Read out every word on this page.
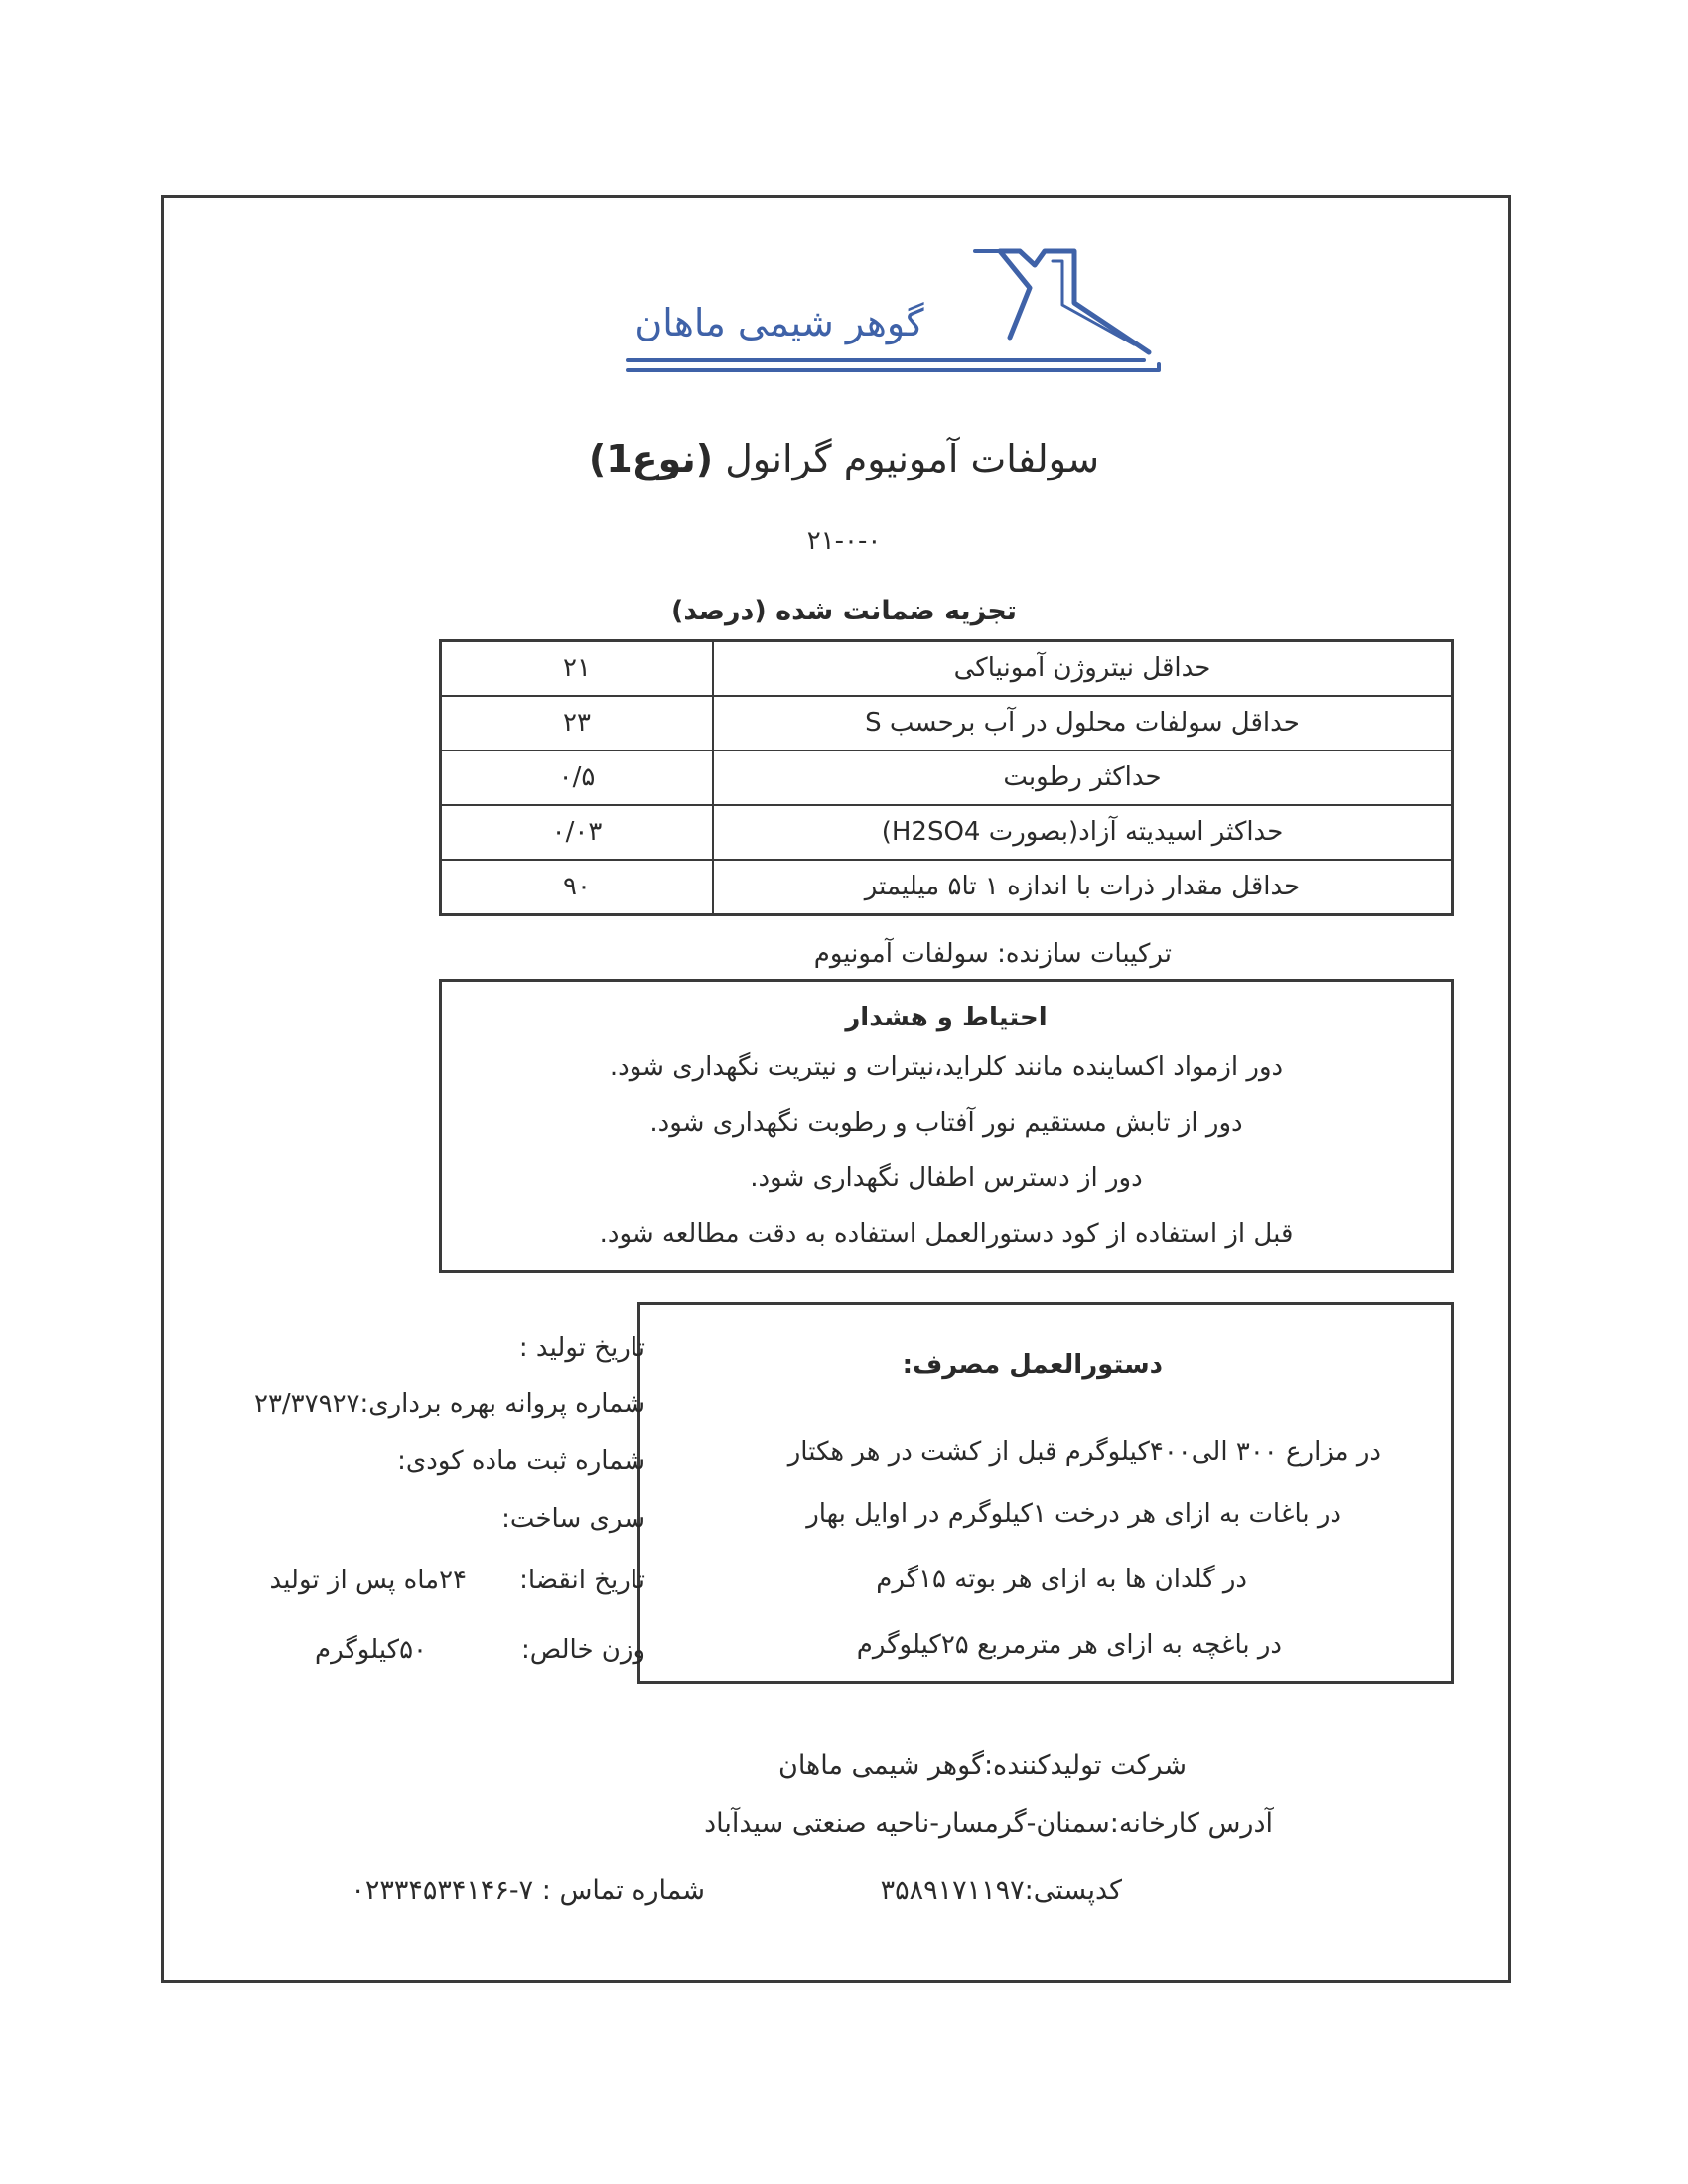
گوهر شیمی ماهان
سولفات آمونیوم گرانول (نوع1)
۲۱-۰-۰
تجزیه ضمانت شده (درصد)
۲۱	حداقل نیتروژن آمونیاکی
۲۳	حداقل سولفات محلول در آب برحسب S
۰/۵	حداکثر رطوبت
۰/۰۳	حداکثر اسیدیته آزاد(بصورت H2SO4)
۹۰	حداقل مقدار ذرات با اندازه ۱ تا۵ میلیمتر
ترکیبات سازنده: سولفات آمونیوم
احتیاط و هشدار
دور ازمواد اکساینده مانند کلراید،نیترات و نیتریت نگهداری شود.
دور از تابش مستقیم نور آفتاب و رطوبت نگهداری شود.
دور از دسترس اطفال نگهداری شود.
قبل از استفاده از کود دستورالعمل استفاده به دقت مطالعه شود.
دستورالعمل مصرف:
در مزارع ۳۰۰ الی۴۰۰کیلوگرم قبل از کشت در هر هکتار
در باغات به ازای هر درخت ۱کیلوگرم در اوایل بهار
در گلدان ها به ازای هر بوته ۱۵گرم
در باغچه به ازای هر مترمربع ۲۵کیلوگرم
تاریخ تولید :
شماره پروانه بهره برداری:۲۳/۳۷۹۲۷
شماره ثبت ماده کودی:
سری ساخت:
تاریخ انقضا:
۲۴ماه پس از تولید
وزن خالص:
۵۰کیلوگرم
شرکت تولیدکننده:گوهر شیمی ماهان
آدرس کارخانه:سمنان-گرمسار-ناحیه صنعتی سیدآباد
کدپستی:۳۵۸۹۱۷۱۱۹۷
شماره تماس : ۷-۰۲۳۳۴۵۳۴۱۴۶
